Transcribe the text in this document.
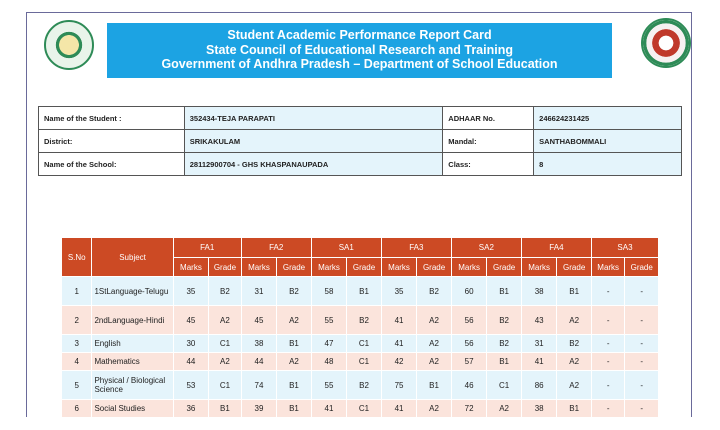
Student Academic Performance Report Card
State Council of Educational Research and Training
Government of Andhra Pradesh – Department of School Education
Name of the Student :	352434-TEJA PARAPATI	ADHAAR No.	246624231425
District:	SRIKAKULAM	Mandal:	SANTHABOMMALI
Name of the School:	28112900704 - GHS KHASPANAUPADA	Class:	8
S.No	Subject	FA1		FA2		SA1		FA3		SA2		FA4		SA3	
		Marks	Grade	Marks	Grade	Marks	Grade	Marks	Grade	Marks	Grade	Marks	Grade	Marks	Grade
1	1StLanguage-Telugu	35	B2	31	B2	58	B1	35	B2	60	B1	38	B1	-	-
2	2ndLanguage-Hindi	45	A2	45	A2	55	B2	41	A2	56	B2	43	A2	-	-
3	English	30	C1	38	B1	47	C1	41	A2	56	B2	31	B2	-	-
4	Mathematics	44	A2	44	A2	48	C1	42	A2	57	B1	41	A2	-	-
5	Physical / Biological Science	53	C1	74	B1	55	B2	75	B1	46	C1	86	A2	-	-
6	Social Studies	36	B1	39	B1	41	C1	41	A2	72	A2	38	B1	-	-
